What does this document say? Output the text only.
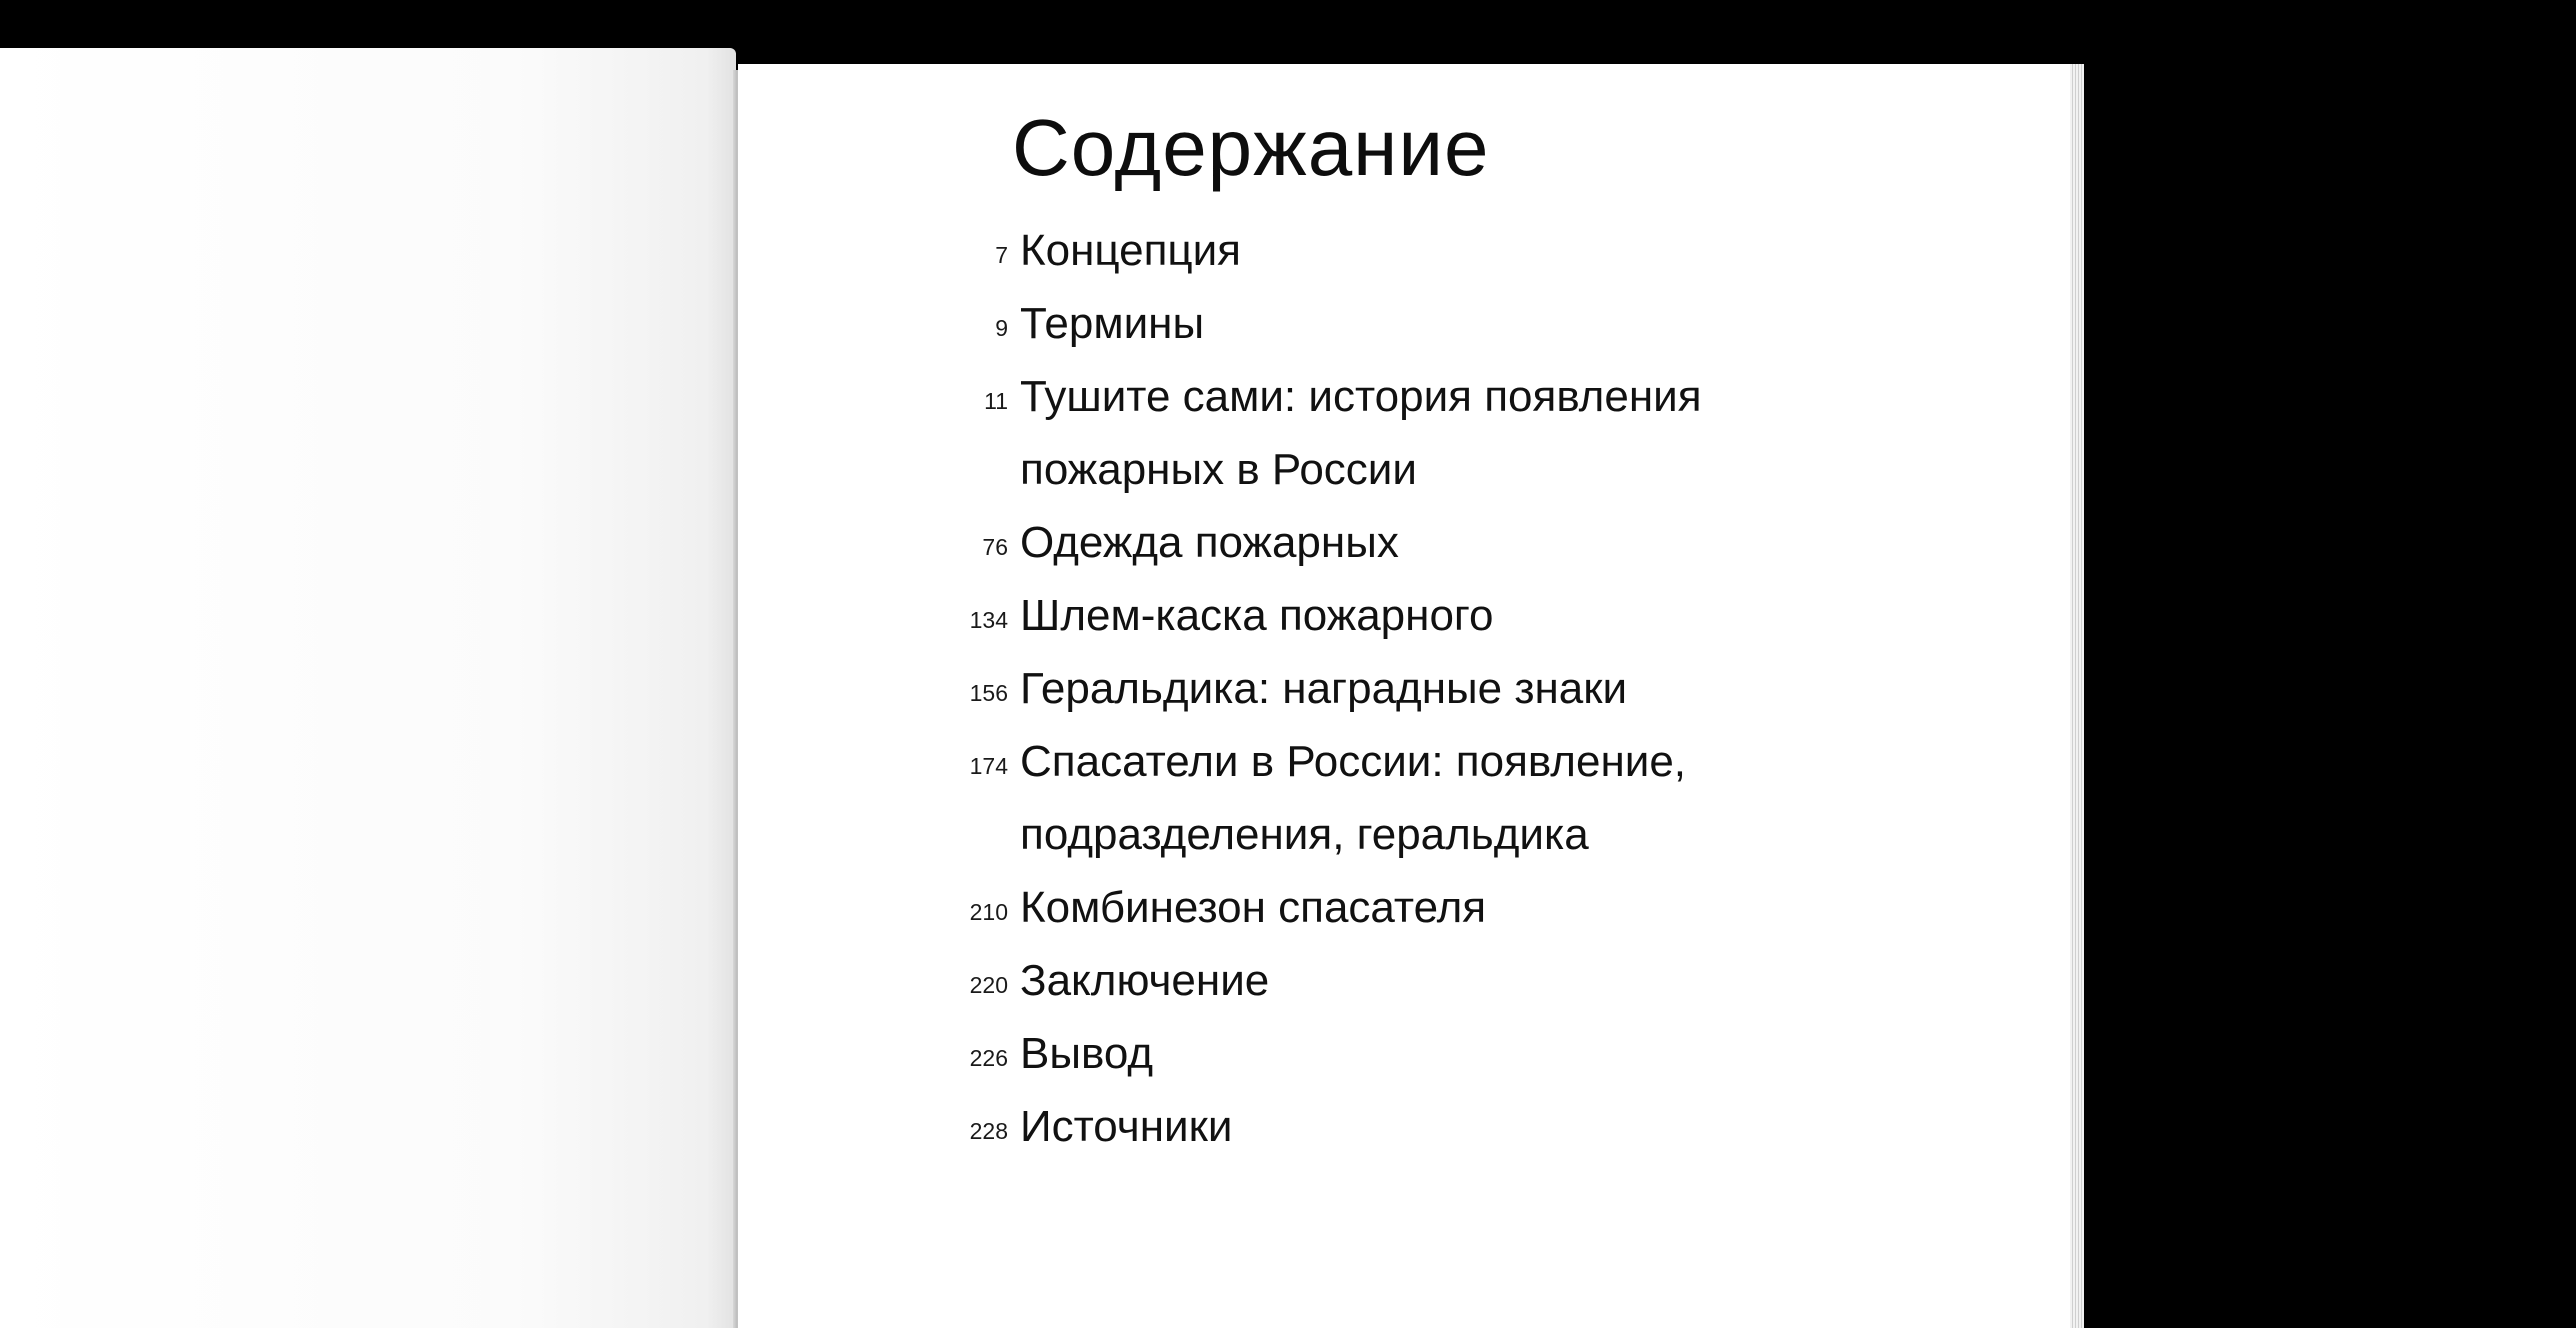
Содержание
7 Концепция
9 Термины
11 Тушите сами: история появления
пожарных в России
76 Одежда пожарных
134 Шлем-каска пожарного
156 Геральдика: наградные знаки
174 Спасатели в России: появление,
подразделения, геральдика
210 Комбинезон спасателя
220 Заключение
226 Вывод
228 Источники
